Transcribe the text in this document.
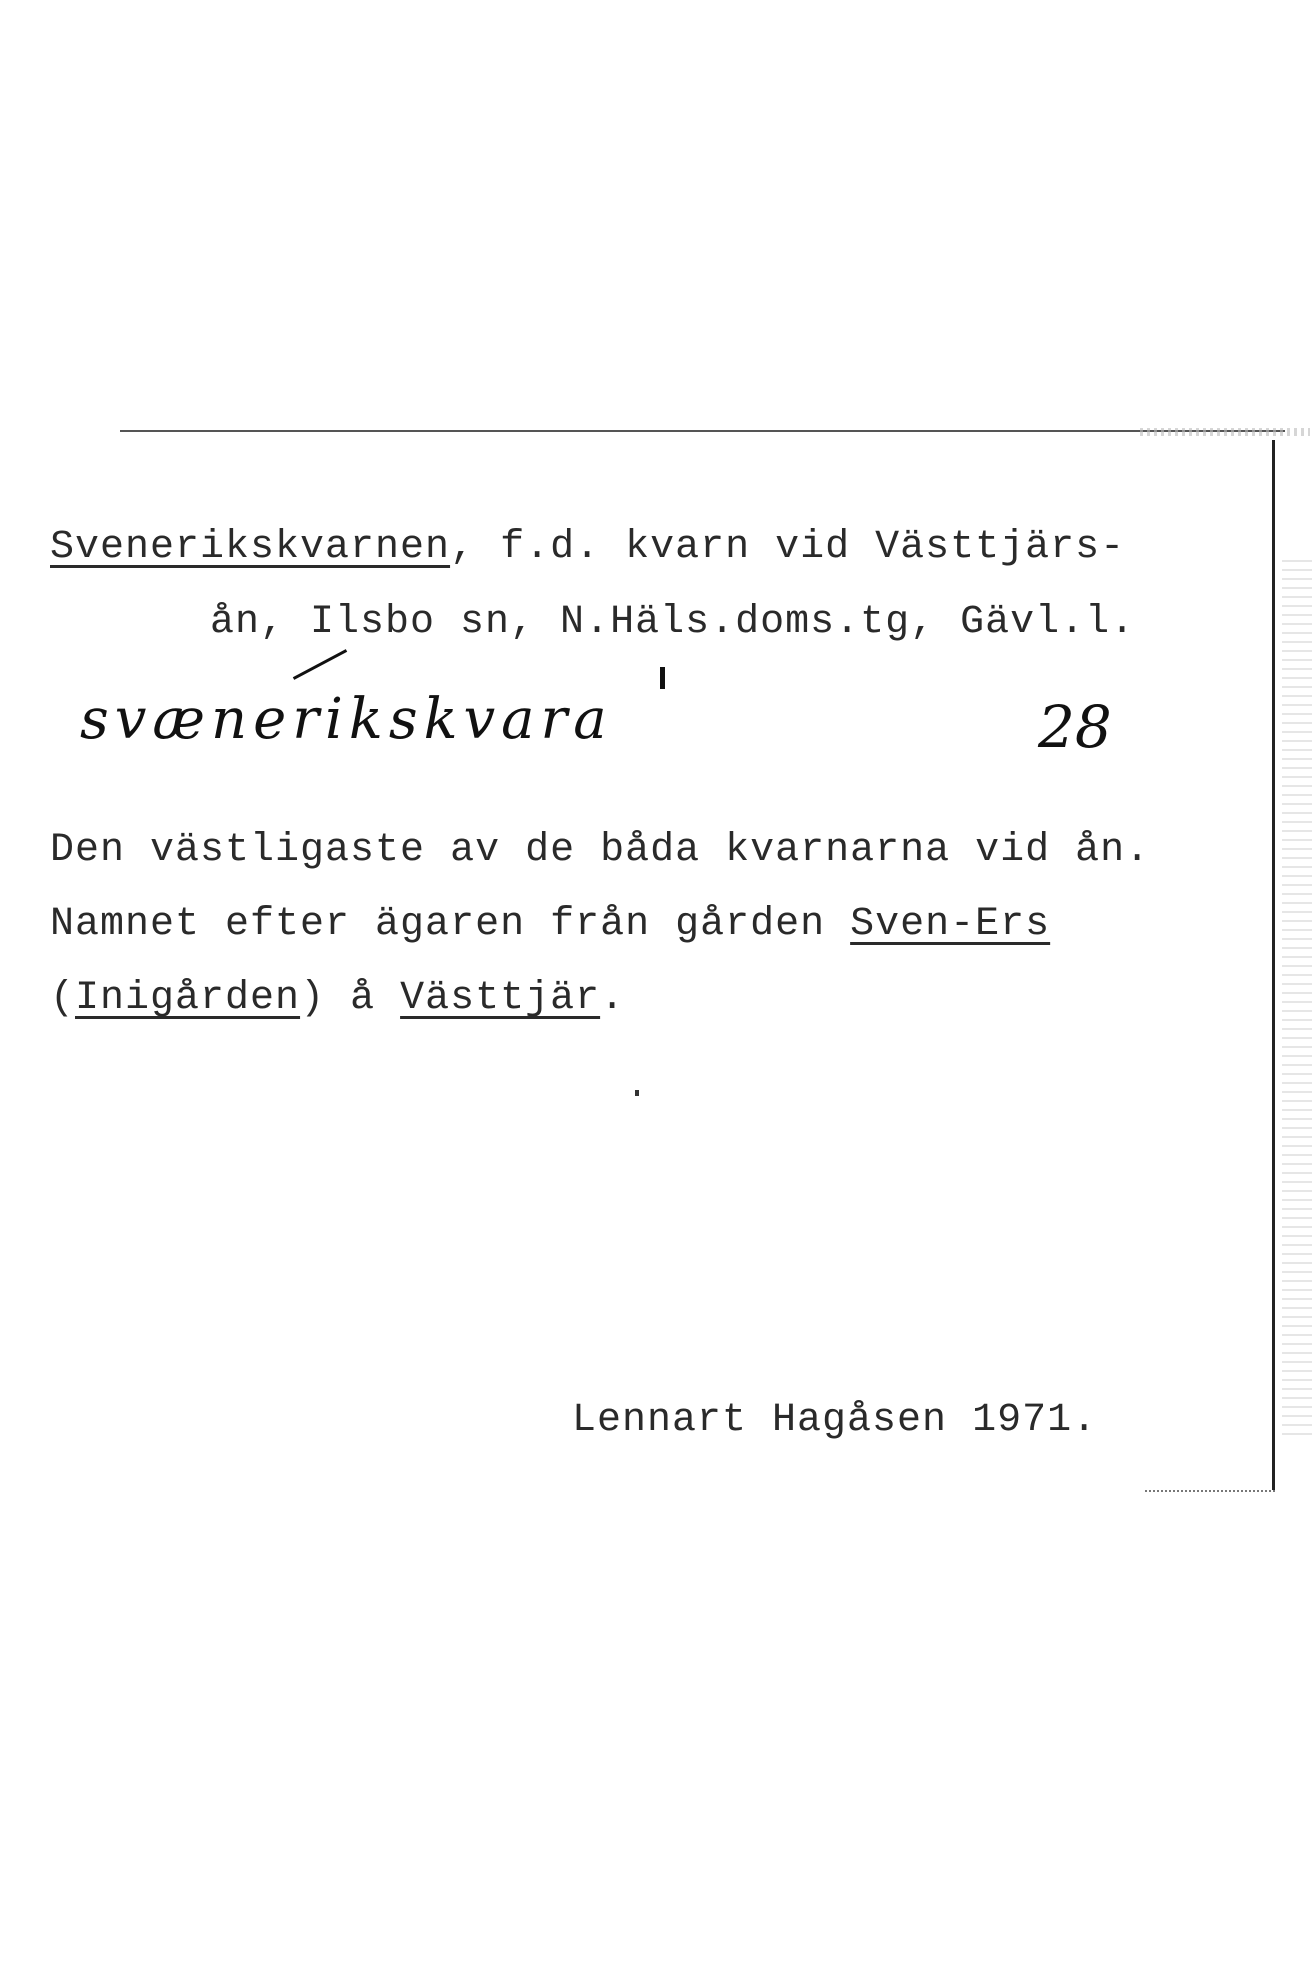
Svenerikskvarnen, f.d. kvarn vid Västtjärs-
ån, Ilsbo sn, N.Häls.doms.tg, Gävl.l.
svænerikskvara	28
Den västligaste av de båda kvarnarna vid ån.
Namnet efter ägaren från gården Sven-Ers
(Inigården) å Västtjär.
Lennart Hagåsen 1971.
